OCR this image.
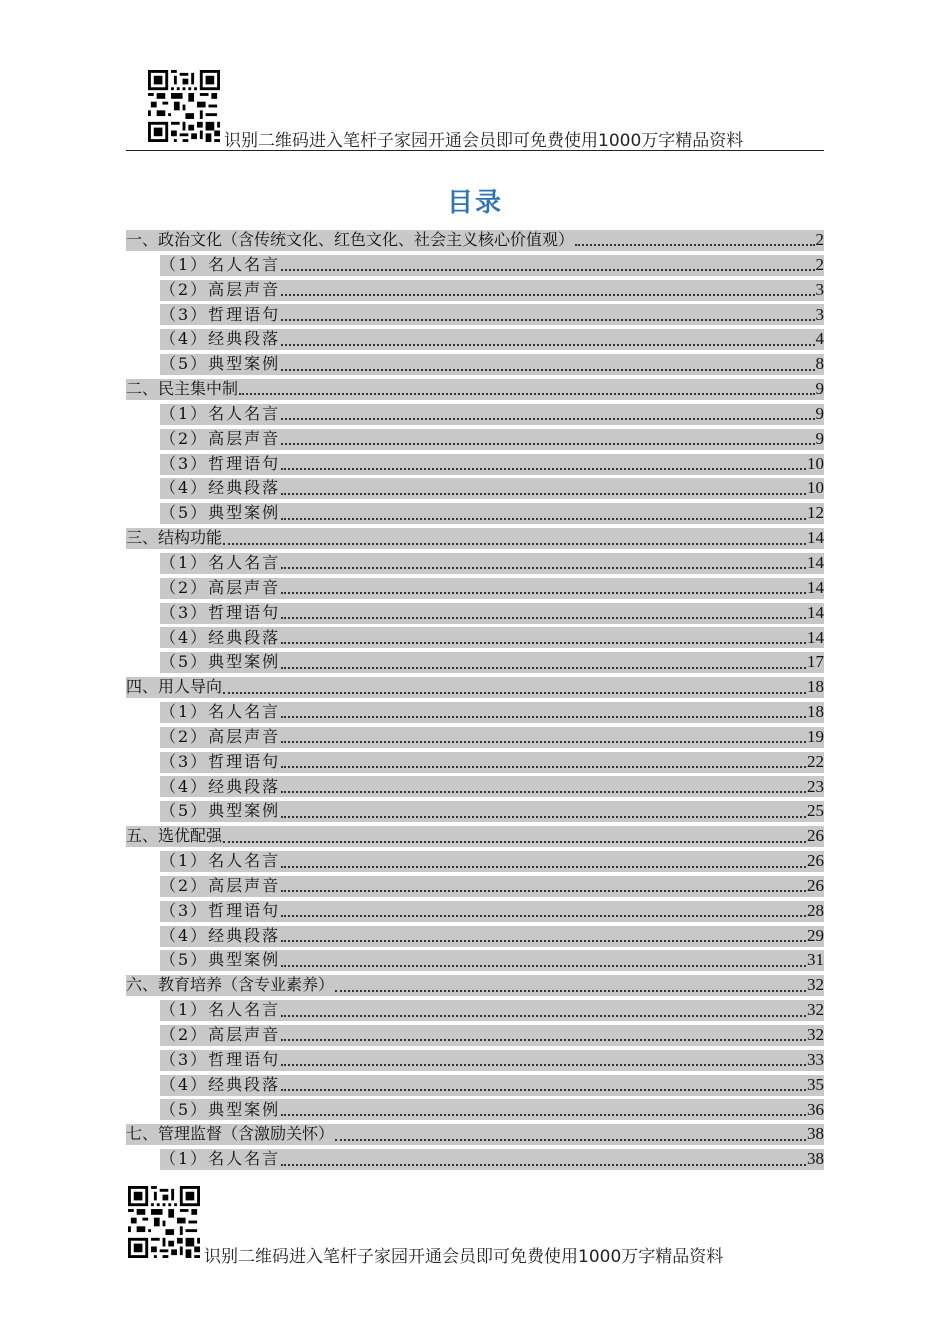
识别二维码进入笔杆子家园开通会员即可免费使用1000万字精品资料
目录
一、政治文化（含传统文化、红色文化、社会主义核心价值观）	2
（1）名人名言	2
（2）高层声音	3
（3）哲理语句	3
（4）经典段落	4
（5）典型案例	8
二、民主集中制	9
（1）名人名言	9
（2）高层声音	9
（3）哲理语句	10
（4）经典段落	10
（5）典型案例	12
三、结构功能	14
（1）名人名言	14
（2）高层声音	14
（3）哲理语句	14
（4）经典段落	14
（5）典型案例	17
四、用人导向	18
（1）名人名言	18
（2）高层声音	19
（3）哲理语句	22
（4）经典段落	23
（5）典型案例	25
五、选优配强	26
（1）名人名言	26
（2）高层声音	26
（3）哲理语句	28
（4）经典段落	29
（5）典型案例	31
六、教育培养（含专业素养）	32
（1）名人名言	32
（2）高层声音	32
（3）哲理语句	33
（4）经典段落	35
（5）典型案例	36
七、管理监督（含激励关怀）	38
（1）名人名言	38
识别二维码进入笔杆子家园开通会员即可免费使用1000万字精品资料
